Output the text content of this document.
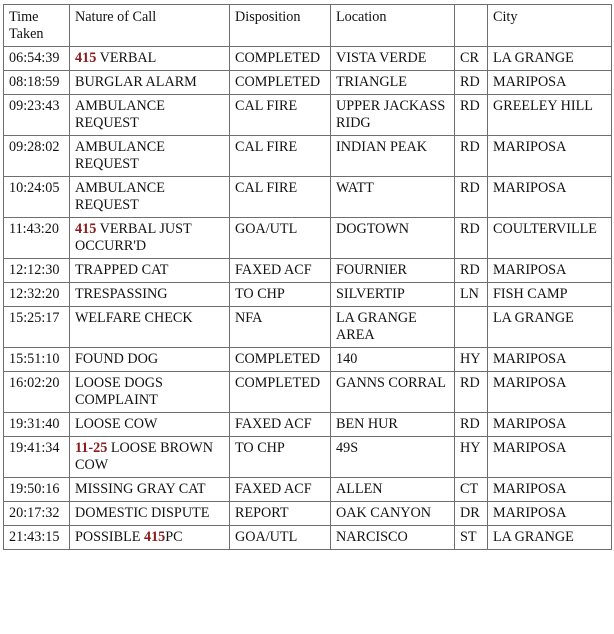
Time Taken	Nature of Call	Disposition	Location		City
06:54:39	415 VERBAL	COMPLETED	VISTA VERDE	CR	LA GRANGE
08:18:59	BURGLAR ALARM	COMPLETED	TRIANGLE	RD	MARIPOSA
09:23:43	AMBULANCE REQUEST	CAL FIRE	UPPER JACKASS RIDG	RD	GREELEY HILL
09:28:02	AMBULANCE REQUEST	CAL FIRE	INDIAN PEAK	RD	MARIPOSA
10:24:05	AMBULANCE REQUEST	CAL FIRE	WATT	RD	MARIPOSA
11:43:20	415 VERBAL JUST OCCURR'D	GOA/UTL	DOGTOWN	RD	COULTERVILLE
12:12:30	TRAPPED CAT	FAXED ACF	FOURNIER	RD	MARIPOSA
12:32:20	TRESPASSING	TO CHP	SILVERTIP	LN	FISH CAMP
15:25:17	WELFARE CHECK	NFA	LA GRANGE AREA		LA GRANGE
15:51:10	FOUND DOG	COMPLETED	140	HY	MARIPOSA
16:02:20	LOOSE DOGS COMPLAINT	COMPLETED	GANNS CORRAL	RD	MARIPOSA
19:31:40	LOOSE COW	FAXED ACF	BEN HUR	RD	MARIPOSA
19:41:34	11-25 LOOSE BROWN COW	TO CHP	49S	HY	MARIPOSA
19:50:16	MISSING GRAY CAT	FAXED ACF	ALLEN	CT	MARIPOSA
20:17:32	DOMESTIC DISPUTE	REPORT	OAK CANYON	DR	MARIPOSA
21:43:15	POSSIBLE 415PC	GOA/UTL	NARCISCO	ST	LA GRANGE
